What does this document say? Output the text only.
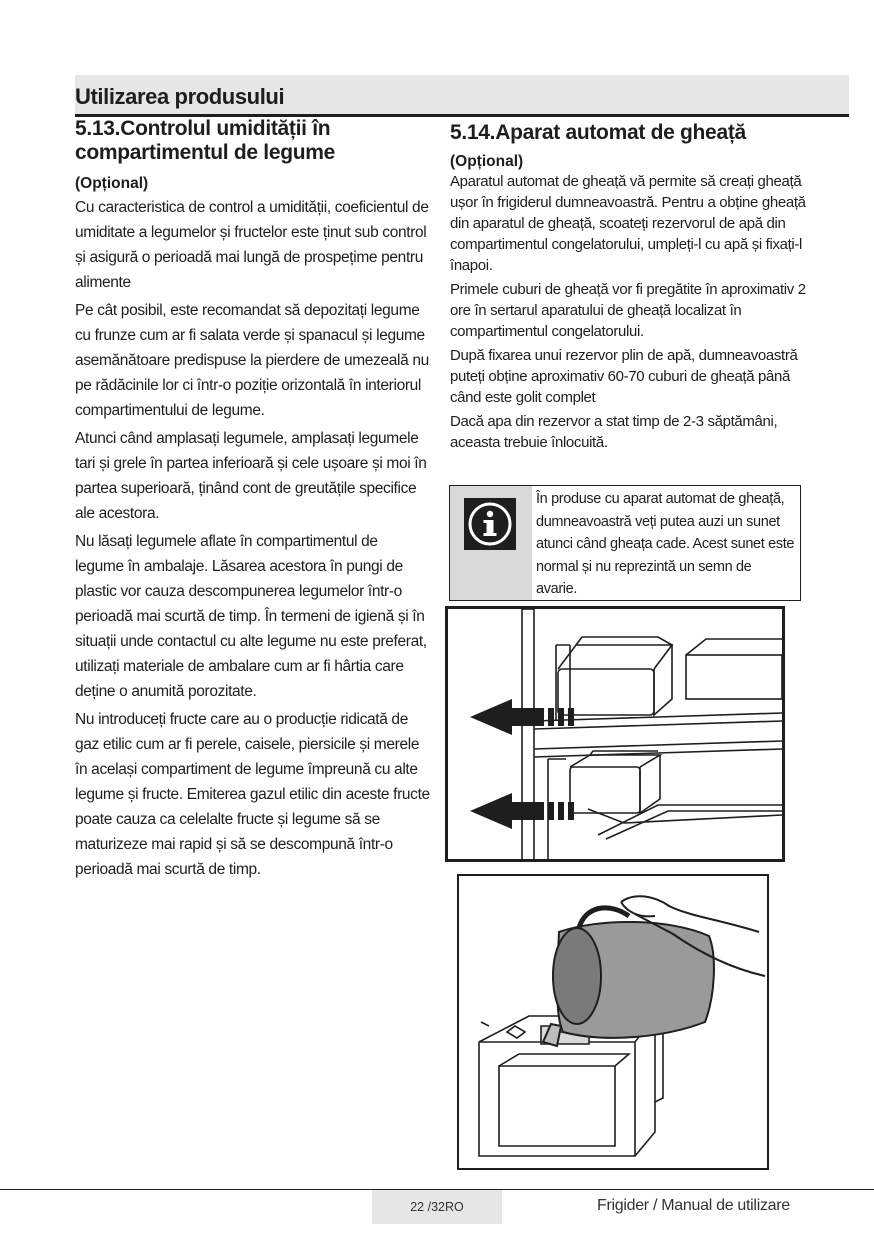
Utilizarea produsului
5.13.Controlul umidității în compartimentul de legume
(Opțional)

Cu caracteristica de control a umidității, coeficientul de umiditate a legumelor și fructelor este ținut sub control și asigură o perioadă mai lungă de prospețime pentru alimente

Pe cât posibil, este recomandat să depozitați legume cu frunze cum ar fi salata verde și spanacul și legume asemănătoare predispuse la pierdere de umezeală nu pe rădăcinile lor ci într-o poziție orizontală în interiorul compartimentului de legume.

Atunci când amplasați legumele, amplasați legumele tari și grele în partea inferioară și cele ușoare și moi în partea superioară, ținând cont de greutățile specifice ale acestora.

Nu lăsați legumele aflate în compartimentul de legume în ambalaje. Lăsarea acestora în pungi de plastic vor cauza descompunerea legumelor într-o perioadă mai scurtă de timp. În termeni de igienă și în situații unde contactul cu alte legume nu este preferat, utilizați materiale de ambalare cum ar fi hârtia care deține o anumită porozitate.

Nu introduceți fructe care au o producție ridicată de gaz etilic cum ar fi perele, caisele, piersicile și merele în același compartiment de legume împreună cu alte legume și fructe. Emiterea gazul etilic din aceste fructe poate cauza ca celelalte fructe și legume să se maturizeze mai rapid și să se descompună într-o perioadă mai scurtă de timp.

5.14.Aparat automat de gheață
(Opțional)

Aparatul automat de gheață vă permite să creați gheață ușor în frigiderul dumneavoastră. Pentru a obține gheață din aparatul de gheață, scoateți rezervorul de apă din compartimentul congelatorului, umpleți-l cu apă și fixați-l înapoi.

Primele cuburi de gheață vor fi pregătite în aproximativ 2 ore în sertarul aparatului de gheață localizat în compartimentul congelatorului.

După fixarea unui rezervor plin de apă, dumneavoastră puteți obține aproximativ 60-70 cuburi de gheață până când este golit complet

Dacă apa din rezervor a stat timp de 2-3 săptămâni, aceasta trebuie înlocuită.

În produse cu aparat automat de gheață, dumneavoastră veți putea auzi un sunet atunci când gheața cade. Acest sunet este normal și nu reprezintă un semn de avarie.
22 /32RO	Frigider / Manual de utilizare
